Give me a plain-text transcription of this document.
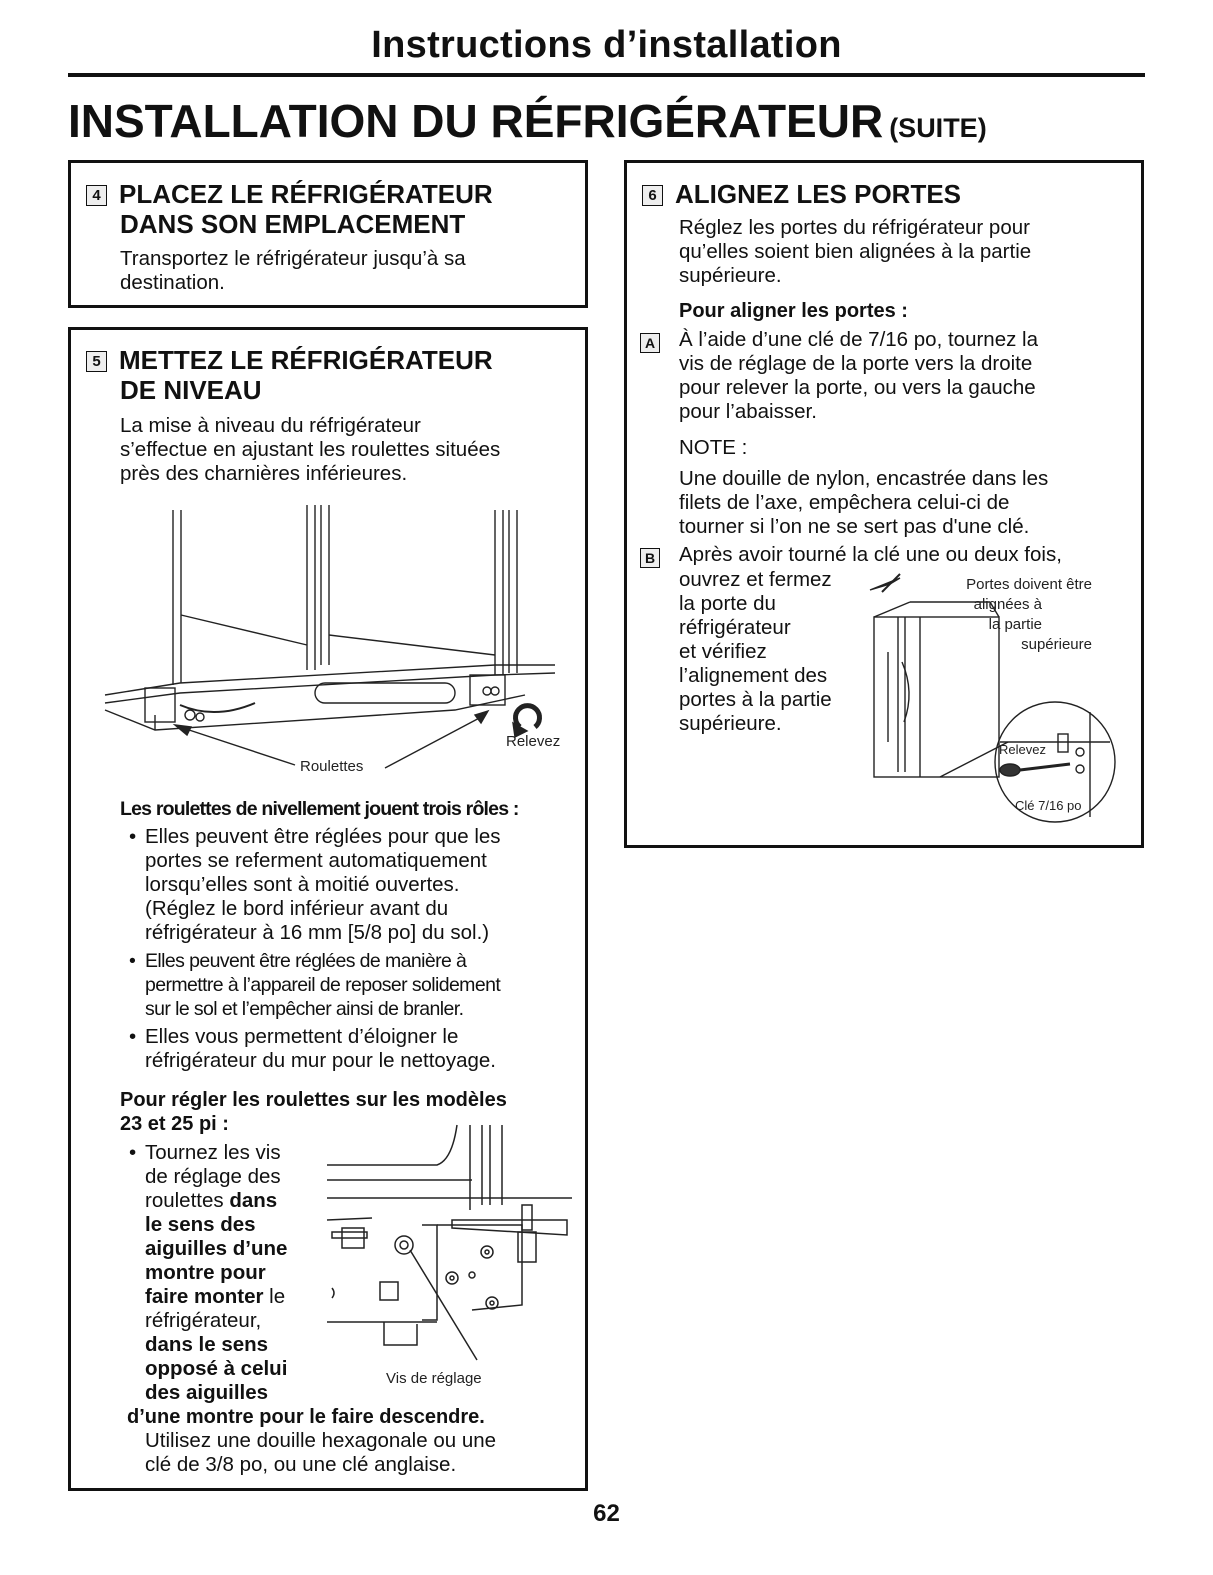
Instructions d’installation
INSTALLATION DU RÉFRIGÉRATEUR (SUITE)
4 PLACEZ LE RÉFRIGÉRATEUR
DANS SON EMPLACEMENT
Transportez le réfrigérateur jusqu’à sa
destination.
5 METTEZ LE RÉFRIGÉRATEUR
DE NIVEAU
La mise à niveau du réfrigérateur
s’effectue en ajustant les roulettes situées
près des charnières inférieures.
Roulettes
Relevez
Les roulettes de nivellement jouent trois rôles :
• Elles peuvent être réglées pour que les
portes se referment automatiquement
lorsqu’elles sont à moitié ouvertes.
(Réglez le bord inférieur avant du
réfrigérateur à 16 mm [5/8 po] du sol.)
• Elles peuvent être réglées de manière à
permettre à l’appareil de reposer solidement
sur le sol et l’empêcher ainsi de branler.
• Elles vous permettent d’éloigner le
réfrigérateur du mur pour le nettoyage.
Pour régler les roulettes sur les modèles
23 et 25 pi :
• Tournez les vis
de réglage des
roulettes dans
le sens des
aiguilles d’une
montre pour
faire monter le
réfrigérateur,
dans le sens
opposé à celui
des aiguilles
d’une montre pour le faire descendre.
Utilisez une douille hexagonale ou une
clé de 3/8 po, ou une clé anglaise.
Vis de réglage
6 ALIGNEZ LES PORTES
Réglez les portes du réfrigérateur pour
qu’elles soient bien alignées à la partie
supérieure.
Pour aligner les portes :
A À l’aide d’une clé de 7/16 po, tournez la
vis de réglage de la porte vers la droite
pour relever la porte, ou vers la gauche
pour l’abaisser.
NOTE :
Une douille de nylon, encastrée dans les
filets de l’axe, empêchera celui-ci de
tourner si l’on ne se sert pas d'une clé.
B Après avoir tourné la clé une ou deux fois,
ouvrez et fermez
la porte du
réfrigérateur
et vérifiez
l’alignement des
portes à la partie
supérieure.
Portes doivent être
alignées à
la partie
supérieure
Relevez
Clé 7/16 po
62
